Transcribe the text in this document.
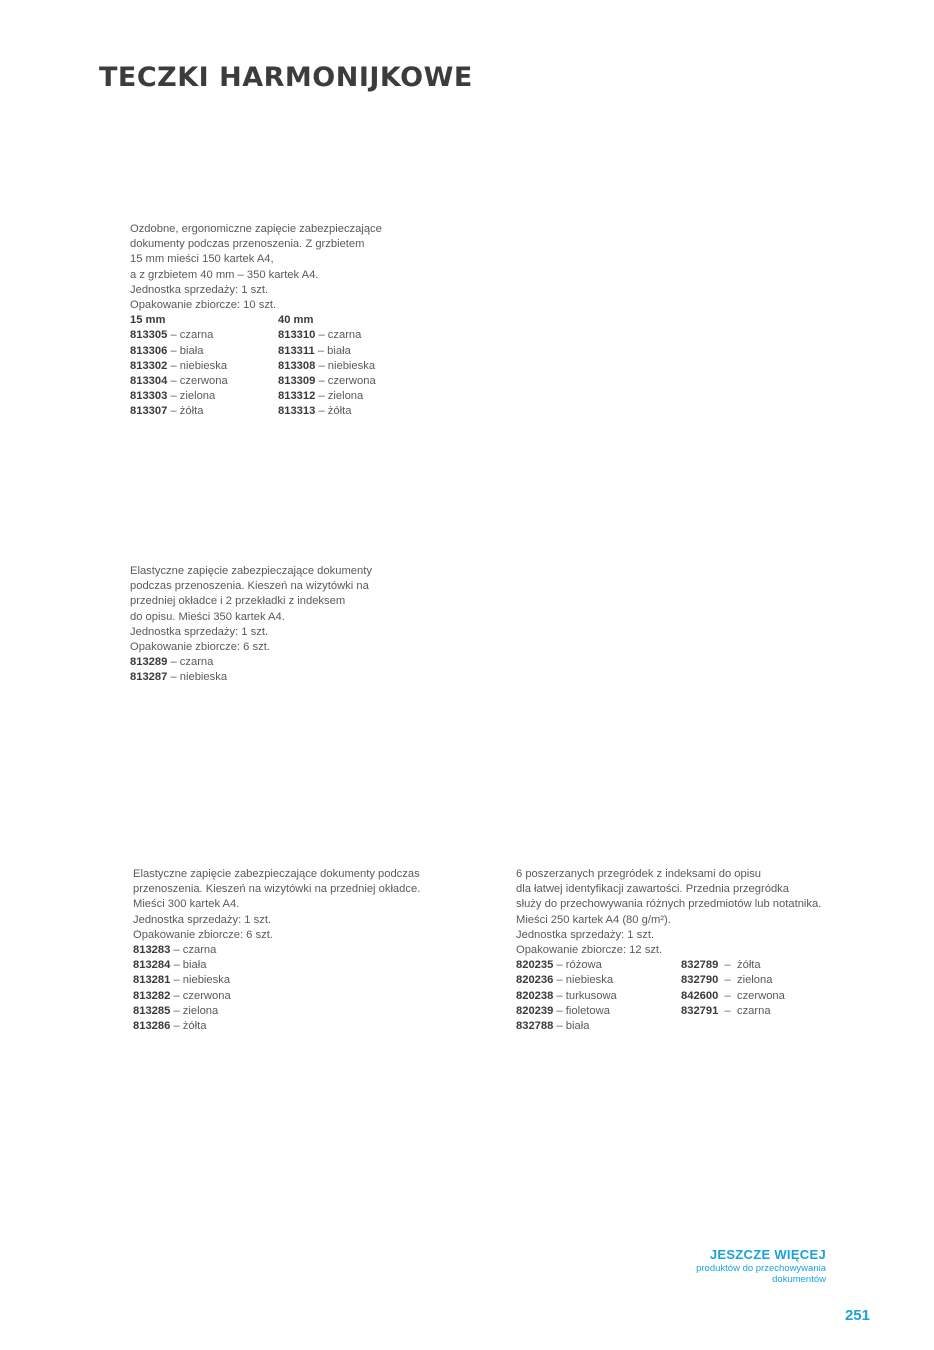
TECZKI HARMONIJKOWE
Ozdobne, ergonomiczne zapięcie zabezpieczające
dokumenty podczas przenoszenia. Z grzbietem
15 mm mieści 150 kartek A4,
a z grzbietem 40 mm – 350 kartek A4.
Jednostka sprzedaży: 1 szt.
Opakowanie zbiorcze: 10 szt.
15 mm
813305 – czarna
813306 – biała
813302 – niebieska
813304 – czerwona
813303 – zielona
813307 – żółta
40 mm
813310 – czarna
813311 – biała
813308 – niebieska
813309 – czerwona
813312 – zielona
813313 – żółta
Elastyczne zapięcie zabezpieczające dokumenty
podczas przenoszenia. Kieszeń na wizytówki na
przedniej okładce i 2 przekładki z indeksem
do opisu. Mieści 350 kartek A4.
Jednostka sprzedaży: 1 szt.
Opakowanie zbiorcze: 6 szt.
813289 – czarna
813287 – niebieska
Elastyczne zapięcie zabezpieczające dokumenty podczas
przenoszenia. Kieszeń na wizytówki na przedniej okładce.
Mieści 300 kartek A4.
Jednostka sprzedaży: 1 szt.
Opakowanie zbiorcze: 6 szt.
813283 – czarna
813284 – biała
813281 – niebieska
813282 – czerwona
813285 – zielona
813286 – żółta
6 poszerzanych przegródek z indeksami do opisu
dla łatwej identyfikacji zawartości. Przednia przegródka
służy do przechowywania różnych przedmiotów lub notatnika.
Mieści 250 kartek A4 (80 g/m²).
Jednostka sprzedaży: 1 szt.
Opakowanie zbiorcze: 12 szt.
820235 – różowa
820236 – niebieska
820238 – turkusowa
820239 – fioletowa
832788 – biała
832789  –  żółta
832790  –  zielona
842600  –  czerwona
832791  –  czarna
JESZCZE WIĘCEJ
produktów do przechowywania
dokumentów
251
